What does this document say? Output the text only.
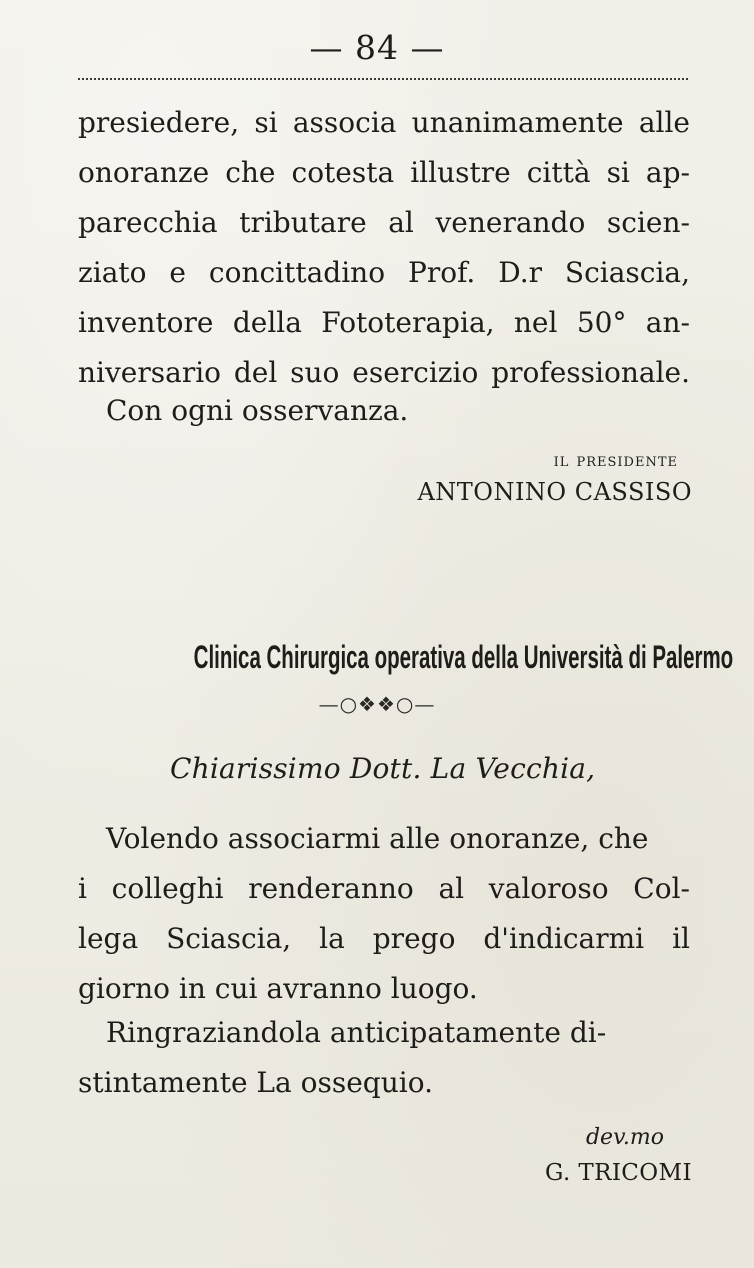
— 84 —

presiedere, si associa unanimamente alle
onoranze che cotesta illustre città si ap-
parecchia tributare al venerando scien-
ziato e concittadino Prof. D.r Sciascia,
inventore della Fototerapia, nel 50° an-
niversario del suo esercizio professionale.

Con ogni osservanza.

il presidente
ANTONINO CASSISO
Clinica Chirurgica operativa della Università di Palermo
—○❖❖○—
Chiarissimo Dott. La Vecchia,

Volendo associarmi alle onoranze, che
i colleghi renderanno al valoroso Col-
lega Sciascia, la prego d'indicarmi il
giorno in cui avranno luogo.

Ringraziandola anticipatamente di-
stintamente La ossequio.

dev.mo
G. TRICOMI
